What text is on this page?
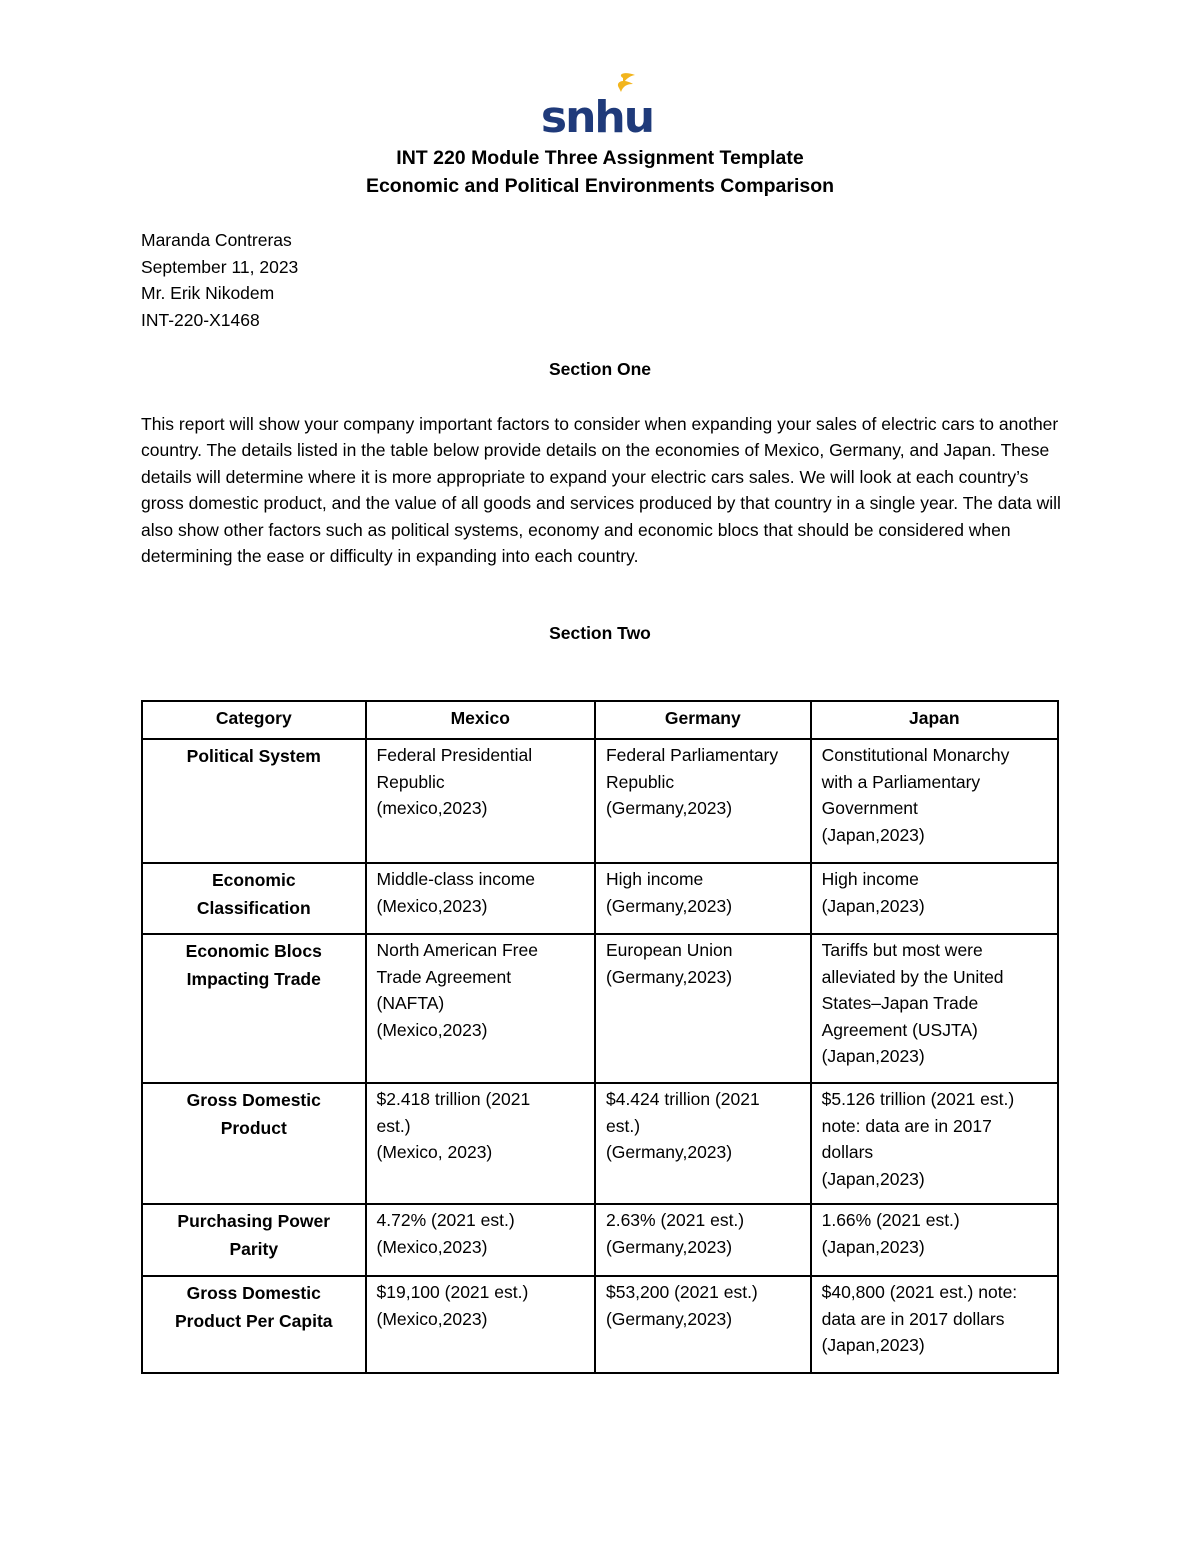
snhu
INT 220 Module Three Assignment Template
Economic and Political Environments Comparison
Maranda Contreras
September 11, 2023
Mr. Erik Nikodem
INT-220-X1468
Section One
This report will show your company important factors to consider when expanding your sales of electric cars to another country. The details listed in the table below provide details on the economies of Mexico, Germany, and Japan. These details will determine where it is more appropriate to expand your electric cars sales. We will look at each country’s gross domestic product, and the value of all goods and services produced by that country in a single year. The data will also show other factors such as political systems, economy and economic blocs that should be considered when determining the ease or difficulty in expanding into each country.
Section Two
Category	Mexico	Germany	Japan

Political System	Federal Presidential
Republic
(mexico,2023)	Federal Parliamentary
Republic
(Germany,2023)	Constitutional Monarchy
with a Parliamentary
Government
(Japan,2023)

Economic
Classification	Middle-class income
(Mexico,2023)	High income
(Germany,2023)	High income
(Japan,2023)

Economic Blocs
Impacting Trade	North American Free
Trade Agreement
(NAFTA)
(Mexico,2023)	European Union
(Germany,2023)	Tariffs but most were
alleviated by the United
States–Japan Trade
Agreement (USJTA)
(Japan,2023)

Gross Domestic
Product	$2.418 trillion (2021
est.)
(Mexico, 2023)	$4.424 trillion (2021
est.)
(Germany,2023)	$5.126 trillion (2021 est.)
note: data are in 2017
dollars
(Japan,2023)

Purchasing Power
Parity	4.72% (2021 est.)
(Mexico,2023)	2.63% (2021 est.)
(Germany,2023)	1.66% (2021 est.)
(Japan,2023)

Gross Domestic
Product Per Capita	$19,100 (2021 est.)
(Mexico,2023)	$53,200 (2021 est.)
(Germany,2023)	$40,800 (2021 est.) note:
data are in 2017 dollars
(Japan,2023)
